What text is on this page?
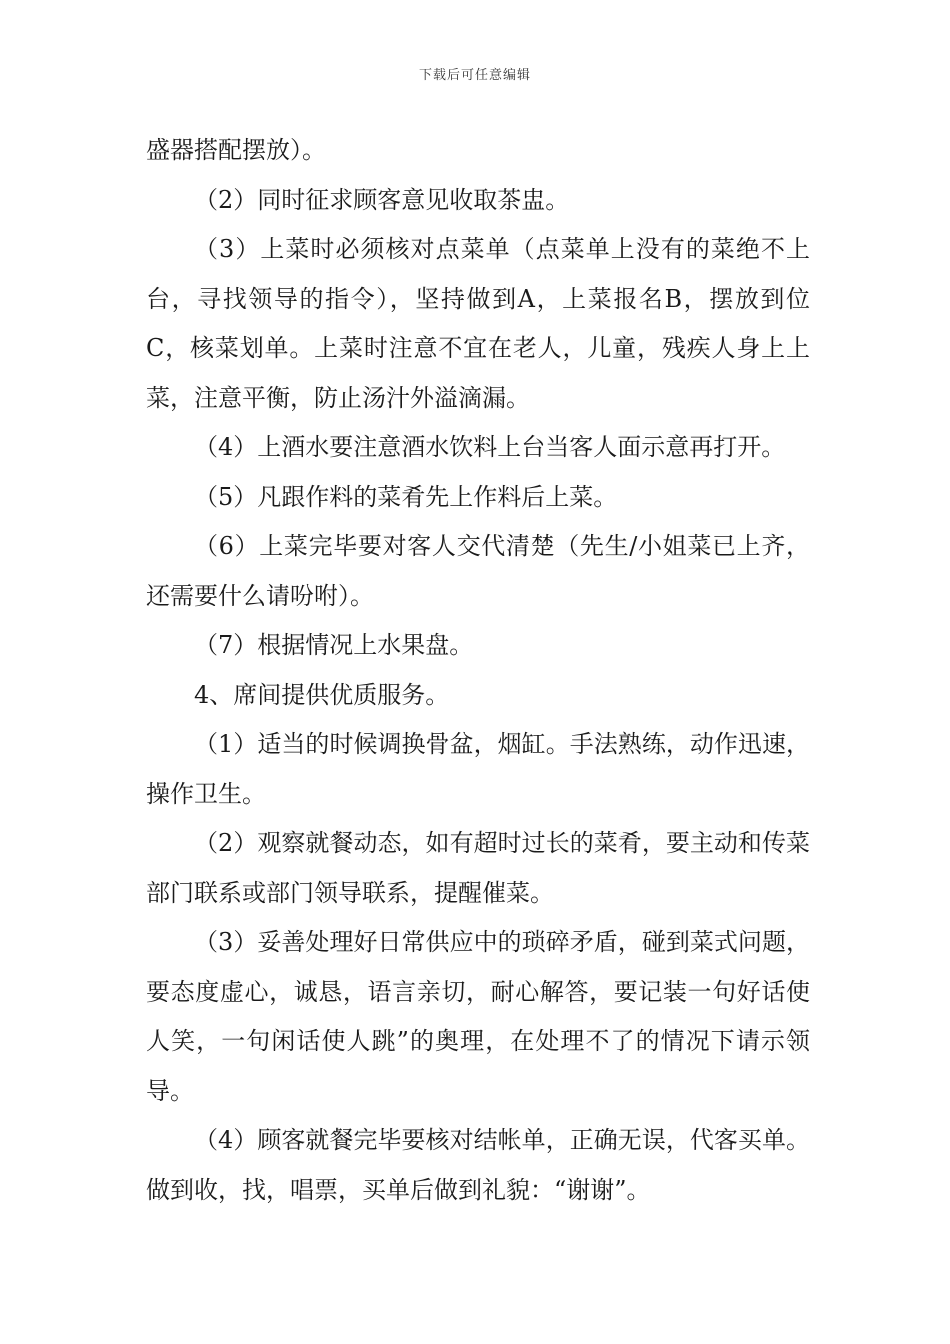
下载后可任意编辑

盛器搭配摆放）。

（2）同时征求顾客意见收取茶盅。

（3）上菜时必须核对点菜单（点菜单上没有的菜绝不上台，寻找领导的指令），坚持做到A，上菜报名B，摆放到位C，核菜划单。上菜时注意不宜在老人，儿童，残疾人身上上菜，注意平衡，防止汤汁外溢滴漏。

（4）上酒水要注意酒水饮料上台当客人面示意再打开。

（5）凡跟作料的菜肴先上作料后上菜。

（6）上菜完毕要对客人交代清楚（先生/小姐菜已上齐，还需要什么请吩咐）。

（7）根据情况上水果盘。

4、席间提供优质服务。

（1）适当的时候调换骨盆，烟缸。手法熟练，动作迅速，操作卫生。

（2）观察就餐动态，如有超时过长的菜肴，要主动和传菜部门联系或部门领导联系，提醒催菜。

（3）妥善处理好日常供应中的琐碎矛盾，碰到菜式问题，要态度虚心，诚恳，语言亲切，耐心解答，要记装一句好话使人笑，一句闲话使人跳”的奥理，在处理不了的情况下请示领导。

（4）顾客就餐完毕要核对结帐单，正确无误，代客买单。做到收，找，唱票，买单后做到礼貌：“谢谢”。
